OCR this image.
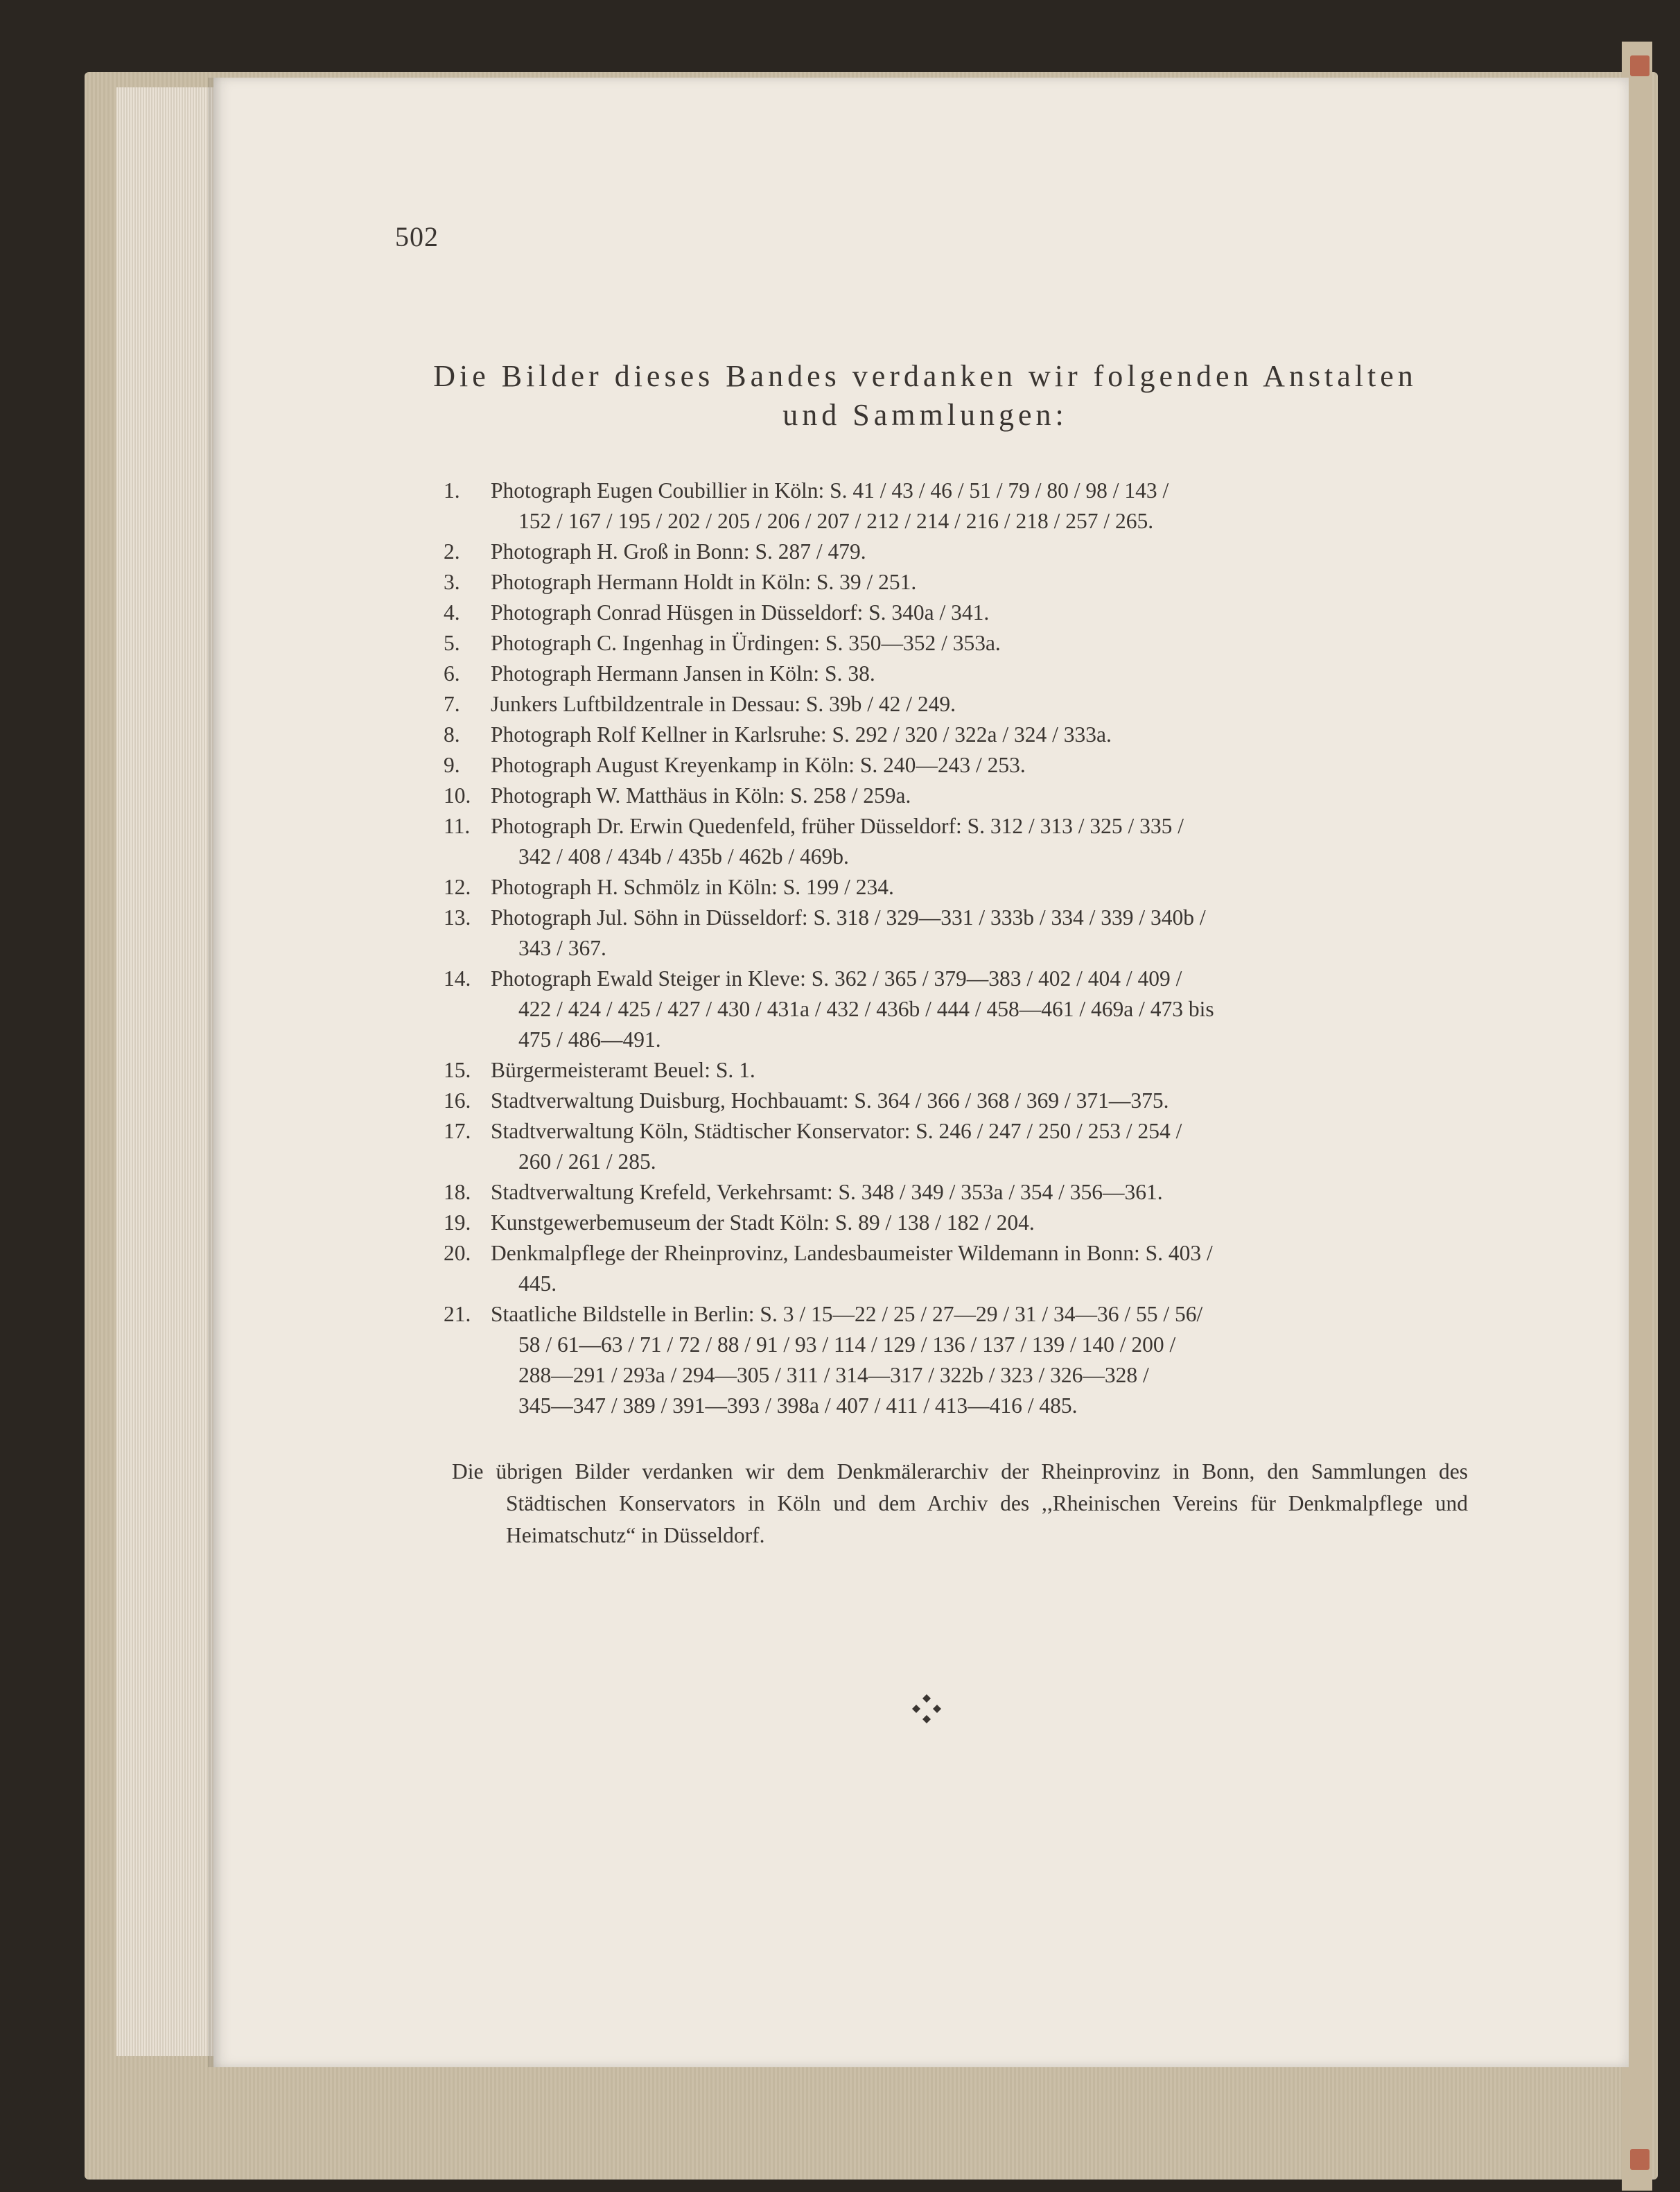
502
Die Bilder dieses Bandes verdanken wir folgenden Anstalten
und Sammlungen:
1.	Photograph Eugen Coubillier in Köln: S. 41 / 43 / 46 / 51 / 79 / 80 / 98 / 143 /
152 / 167 / 195 / 202 / 205 / 206 / 207 / 212 / 214 / 216 / 218 / 257 / 265.
2.	Photograph H. Groß in Bonn: S. 287 / 479.
3.	Photograph Hermann Holdt in Köln: S. 39 / 251.
4.	Photograph Conrad Hüsgen in Düsseldorf: S. 340a / 341.
5.	Photograph C. Ingenhag in Ürdingen: S. 350—352 / 353a.
6.	Photograph Hermann Jansen in Köln: S. 38.
7.	Junkers Luftbildzentrale in Dessau: S. 39b / 42 / 249.
8.	Photograph Rolf Kellner in Karlsruhe: S. 292 / 320 / 322a / 324 / 333a.
9.	Photograph August Kreyenkamp in Köln: S. 240—243 / 253.
10. Photograph W. Matthäus in Köln: S. 258 / 259a.
11. Photograph Dr. Erwin Quedenfeld, früher Düsseldorf: S. 312 / 313 / 325 / 335 /
342 / 408 / 434b / 435b / 462b / 469b.
12. Photograph H. Schmölz in Köln: S. 199 / 234.
13. Photograph Jul. Söhn in Düsseldorf: S. 318 / 329—331 / 333b / 334 / 339 / 340b /
343 / 367.
14. Photograph Ewald Steiger in Kleve: S. 362 / 365 / 379—383 / 402 / 404 / 409 /
422 / 424 / 425 / 427 / 430 / 431a / 432 / 436b / 444 / 458—461 / 469a / 473 bis
475 / 486—491.
15. Bürgermeisteramt Beuel: S. 1.
16. Stadtverwaltung Duisburg, Hochbauamt: S. 364 / 366 / 368 / 369 / 371—375.
17. Stadtverwaltung Köln, Städtischer Konservator: S. 246 / 247 / 250 / 253 / 254 /
260 / 261 / 285.
18. Stadtverwaltung Krefeld, Verkehrsamt: S. 348 / 349 / 353a / 354 / 356—361.
19. Kunstgewerbemuseum der Stadt Köln: S. 89 / 138 / 182 / 204.
20. Denkmalpflege der Rheinprovinz, Landesbaumeister Wildemann in Bonn: S. 403 /
445.
21. Staatliche Bildstelle in Berlin: S. 3 / 15—22 / 25 / 27—29 / 31 / 34—36 / 55 / 56/
58 / 61—63 / 71 / 72 / 88 / 91 / 93 / 114 / 129 / 136 / 137 / 139 / 140 / 200 /
288—291 / 293a / 294—305 / 311 / 314—317 / 322b / 323 / 326—328 /
345—347 / 389 / 391—393 / 398a / 407 / 411 / 413—416 / 485.
Die übrigen Bilder verdanken wir dem Denkmälerarchiv der Rheinprovinz in Bonn, den Sammlungen des Städtischen Konservators in Köln und dem Archiv des ,,Rheinischen Vereins für Denkmalpflege und Heimatschutz“ in Düsseldorf.
